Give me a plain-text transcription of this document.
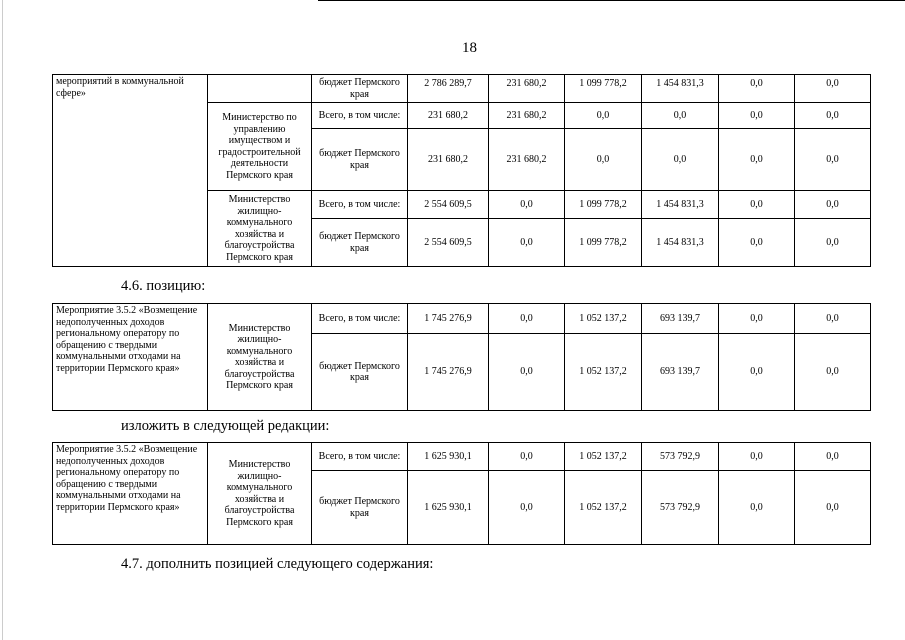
18
мероприятий в коммунальной сфере»		бюджет Пермского края	2 786 289,7	231 680,2	1 099 778,2	1 454 831,3	0,0	0,0
	Министерство по управлению имуществом и градостроительной деятельности Пермского края	Всего, в том числе:	231 680,2	231 680,2	0,0	0,0	0,0	0,0
		бюджет Пермского края	231 680,2	231 680,2	0,0	0,0	0,0	0,0
	Министерство жилищно-коммунального хозяйства и благоустройства Пермского края	Всего, в том числе:	2 554 609,5	0,0	1 099 778,2	1 454 831,3	0,0	0,0
		бюджет Пермского края	2 554 609,5	0,0	1 099 778,2	1 454 831,3	0,0	0,0
4.6. позицию:
Мероприятие 3.5.2 «Возмещение недополученных доходов региональному оператору по обращению с твердыми коммунальными отходами на территории Пермского края»	Министерство жилищно-коммунального хозяйства и благоустройства Пермского края	Всего, в том числе:	1 745 276,9	0,0	1 052 137,2	693 139,7	0,0	0,0
		бюджет Пермского края	1 745 276,9	0,0	1 052 137,2	693 139,7	0,0	0,0
изложить в следующей редакции:
Мероприятие 3.5.2 «Возмещение недополученных доходов региональному оператору по обращению с твердыми коммунальными отходами на территории Пермского края»	Министерство жилищно-коммунального хозяйства и благоустройства Пермского края	Всего, в том числе:	1 625 930,1	0,0	1 052 137,2	573 792,9	0,0	0,0
		бюджет Пермского края	1 625 930,1	0,0	1 052 137,2	573 792,9	0,0	0,0
4.7. дополнить позицией следующего содержания:
